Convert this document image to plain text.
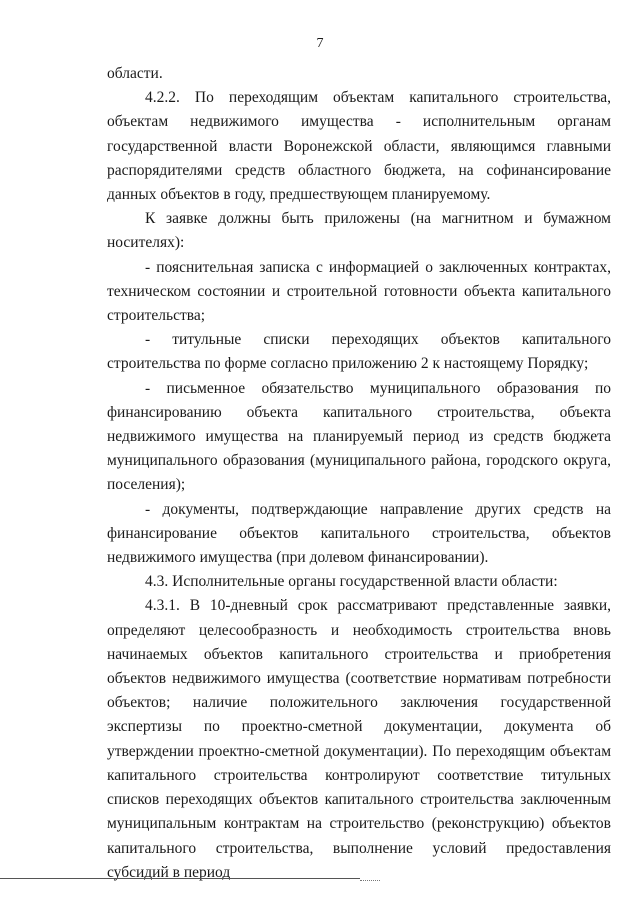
7

области.

4.2.2. По переходящим объектам капитального строительства, объектам недвижимого имущества - исполнительным органам государственной власти Воронежской области, являющимся главными распорядителями средств областного бюджета, на софинансирование данных объектов в году, предшествующем планируемому.

К заявке должны быть приложены (на магнитном и бумажном носителях):

- пояснительная записка с информацией о заключенных контрактах, техническом состоянии и строительной готовности объекта капитального строительства;

- титульные списки переходящих объектов капитального строительства по форме согласно приложению 2 к настоящему Порядку;

- письменное обязательство муниципального образования по финансированию объекта капитального строительства, объекта недвижимого имущества на планируемый период из средств бюджета муниципального образования (муниципального района, городского округа, поселения);

- документы, подтверждающие направление других средств на финансирование объектов капитального строительства, объектов недвижимого имущества (при долевом финансировании).

4.3. Исполнительные органы государственной власти области:

4.3.1. В 10-дневный срок рассматривают представленные заявки, определяют целесообразность и необходимость строительства вновь начинаемых объектов капитального строительства и приобретения объектов недвижимого имущества (соответствие нормативам потребности объектов; наличие положительного заключения государственной экспертизы по проектно-сметной документации, документа об утверждении проектно-сметной документации). По переходящим объектам капитального строительства контролируют соответствие титульных списков переходящих объектов капитального строительства заключенным муниципальным контрактам на строительство (реконструкцию) объектов капитального строительства, выполнение условий предоставления субсидий в период
